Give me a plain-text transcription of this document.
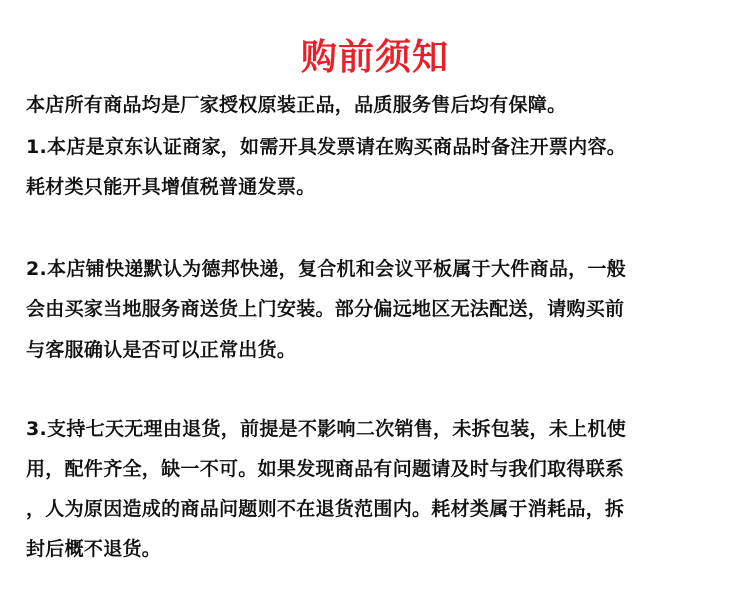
购前须知
本店所有商品均是厂家授权原装正品，品质服务售后均有保障。
1.本店是京东认证商家，如需开具发票请在购买商品时备注开票内容。
耗材类只能开具增值税普通发票。
2.本店铺快递默认为德邦快递，复合机和会议平板属于大件商品，一般
会由买家当地服务商送货上门安装。部分偏远地区无法配送，请购买前
与客服确认是否可以正常出货。
3.支持七天无理由退货，前提是不影响二次销售，未拆包装，未上机使
用，配件齐全，缺一不可。如果发现商品有问题请及时与我们取得联系
，人为原因造成的商品问题则不在退货范围内。耗材类属于消耗品，拆
封后概不退货。
